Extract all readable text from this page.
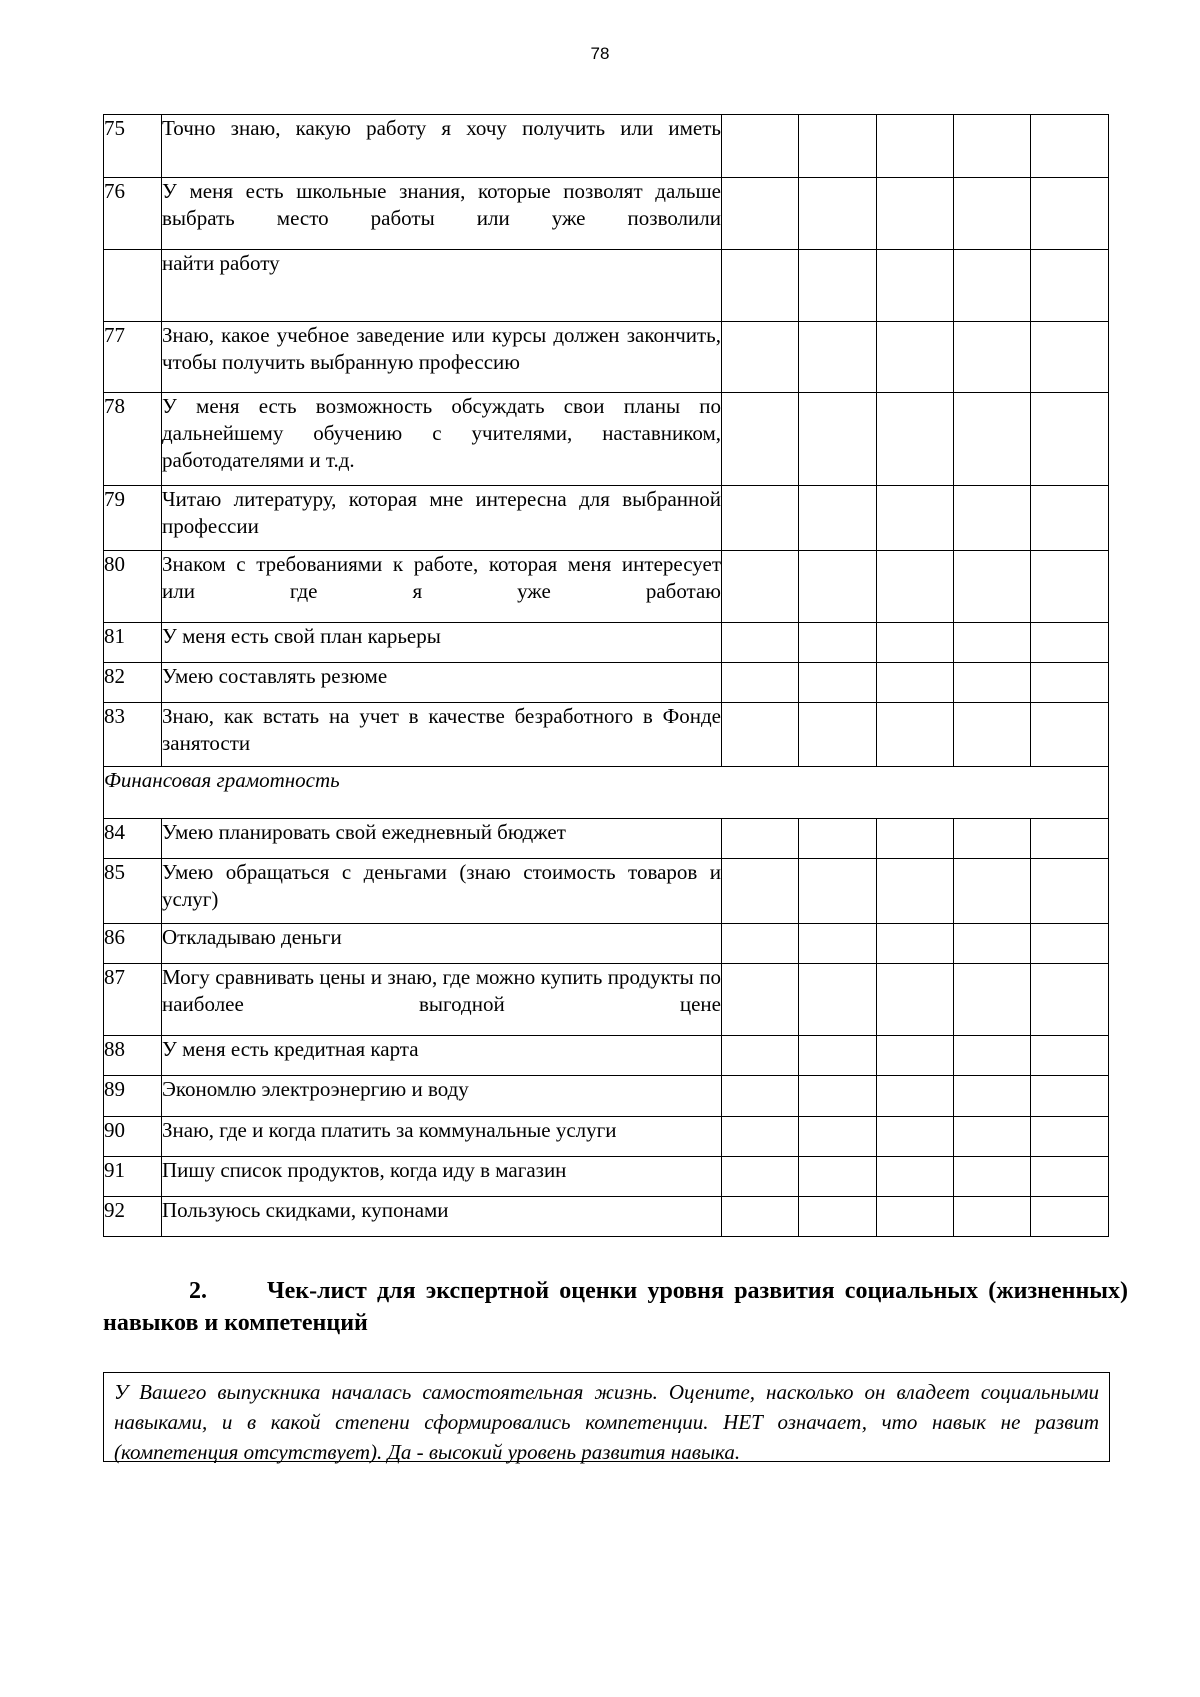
78
75	Точно знаю, какую работу я хочу получить или иметь					
76	У меня есть школьные знания, которые позволят дальше выбрать место работы или уже позволили					
	найти работу					
77	Знаю, какое учебное заведение или курсы должен закончить, чтобы получить выбранную профессию					
78	У меня есть возможность обсуждать свои планы по дальнейшему обучению с учителями, наставником, работодателями и т.д.					
79	Читаю литературу, которая мне интересна для выбранной профессии					
80	Знаком с требованиями к работе, которая меня интересует или где я уже работаю					
81	У меня есть свой план карьеры					
82	Умею составлять резюме					
83	Знаю, как встать на учет в качестве безработного в Фонде занятости					
Финансовая грамотность						
84	Умею планировать свой ежедневный бюджет					
85	Умею обращаться с деньгами (знаю стоимость товаров и услуг)					
86	Откладываю деньги					
87	Могу сравнивать цены и знаю, где можно купить продукты по наиболее выгодной цене					
88	У меня есть кредитная карта					
89	Экономлю электроэнергию и воду					
90	Знаю, где и когда платить за коммунальные услуги					
91	Пишу список продуктов, когда иду в магазин					
92	Пользуюсь скидками, купонами					
2.	Чек-лист для экспертной оценки уровня развития социальных (жизненных) навыков и компетенций
У Вашего выпускника началась самостоятельная жизнь. Оцените, насколько он владеет социальными навыками, и в какой степени сформировались компетенции. НЕТ означает, что навык не развит (компетенция отсутствует). Да - высокий уровень развития навыка.
